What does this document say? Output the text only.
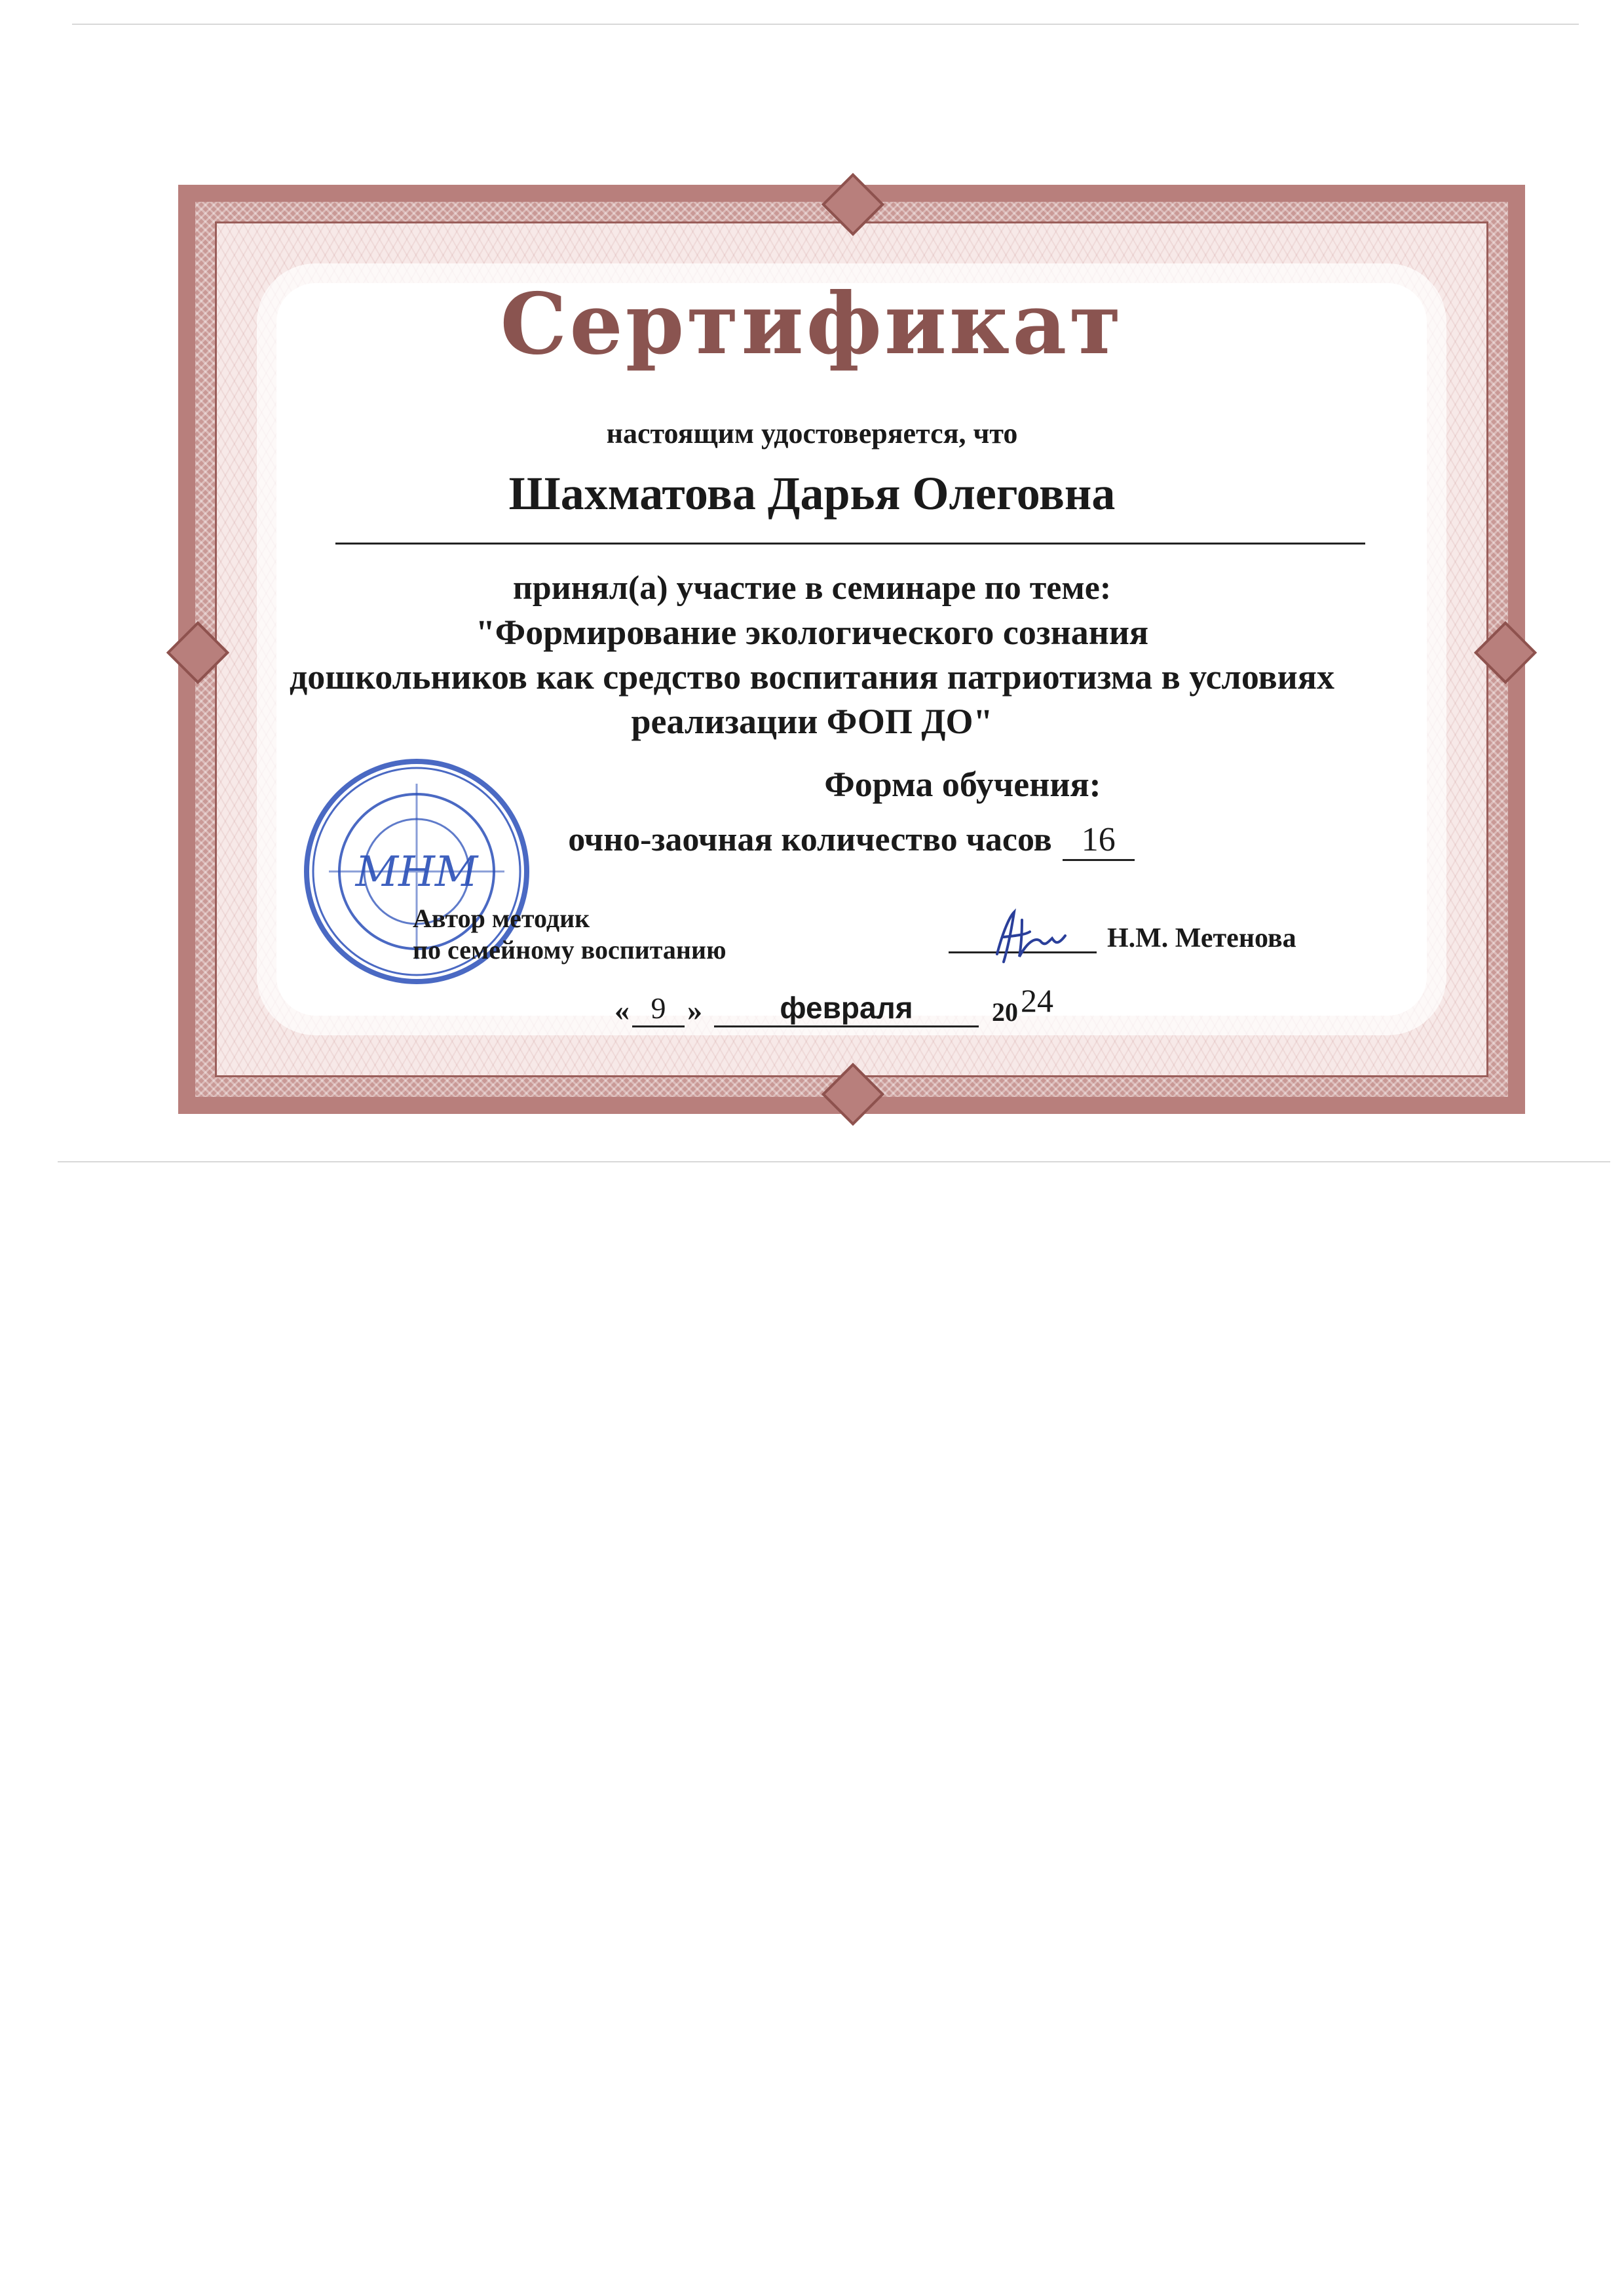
Сертификат
настоящим удостоверяется, что
Шахматова Дарья Олеговна
принял(а) участие в семинаре по теме:
"Формирование экологического сознания
дошкольников как средство воспитания патриотизма в условиях
реализации ФОП ДО"
Форма обучения:
очно-заочная количество часов 16
МНМ
Автор методик
по семейному воспитанию	Н.М. Метенова
« 9 »	февраля	20 24
